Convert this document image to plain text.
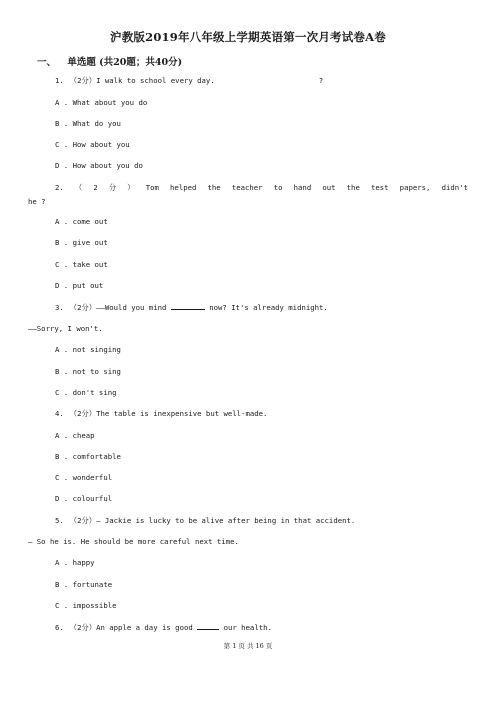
沪教版2019年八年级上学期英语第一次月考试卷A卷
一、 单选题 (共20题；共40分)
1. （2分）I walk to school every day.	?
A . What about you do
B . What do you
C . How about you
D . How about you do
2. （ 2 分 ） Tom helped the teacher to hand out the test papers, didn't
he ?
A . come out
B . give out
C . take out
D . put out
3. （2分）——Would you mind	now? It's already midnight.
——Sorry, I won't.
A . not singing
B . not to sing
C . don't sing
4. （2分）The table is inexpensive but well-made.
A . cheap
B . comfortable
C . wonderful
D . colourful
5. （2分）— Jackie is lucky to be alive after being in that accident.
— So he is. He should be more careful next time.
A . happy
B . fortunate
C . impossible
6. （2分）An apple a day is good	our health.
第 1 页 共 16 页
